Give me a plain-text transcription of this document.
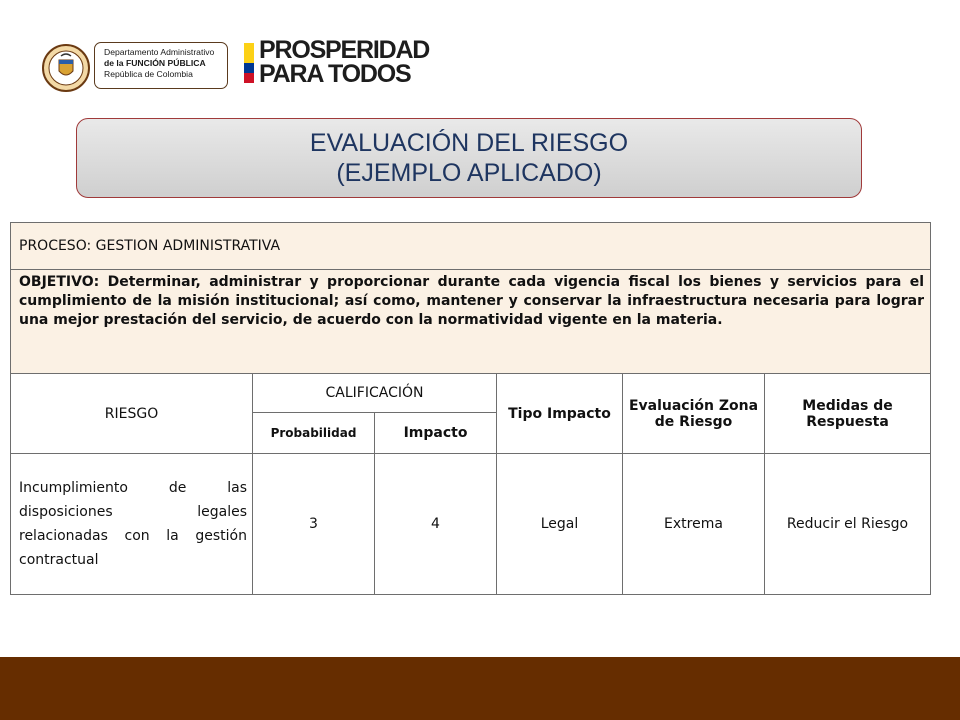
Departamento Administrativo
de la FUNCIÓN PÚBLICA
República de Colombia
PROSPERIDAD
PARA TODOS
EVALUACIÓN DEL RIESGO
(EJEMPLO APLICADO)
PROCESO: GESTION ADMINISTRATIVA					
OBJETIVO: Determinar, administrar y proporcionar durante cada vigencia fiscal los bienes y servicios para el cumplimiento de la misión institucional; así como, mantener y conservar la infraestructura necesaria para lograr una mejor prestación del servicio, de acuerdo con la normatividad vigente en la materia.					
RIESGO	CALIFICACIÓN		Tipo Impacto	Evaluación Zona de Riesgo	Medidas de Respuesta
	Probabilidad	Impacto			
Incumplimiento de las disposiciones legales relacionadas con la gestión contractual	3	4	Legal	Extrema	Reducir el Riesgo
